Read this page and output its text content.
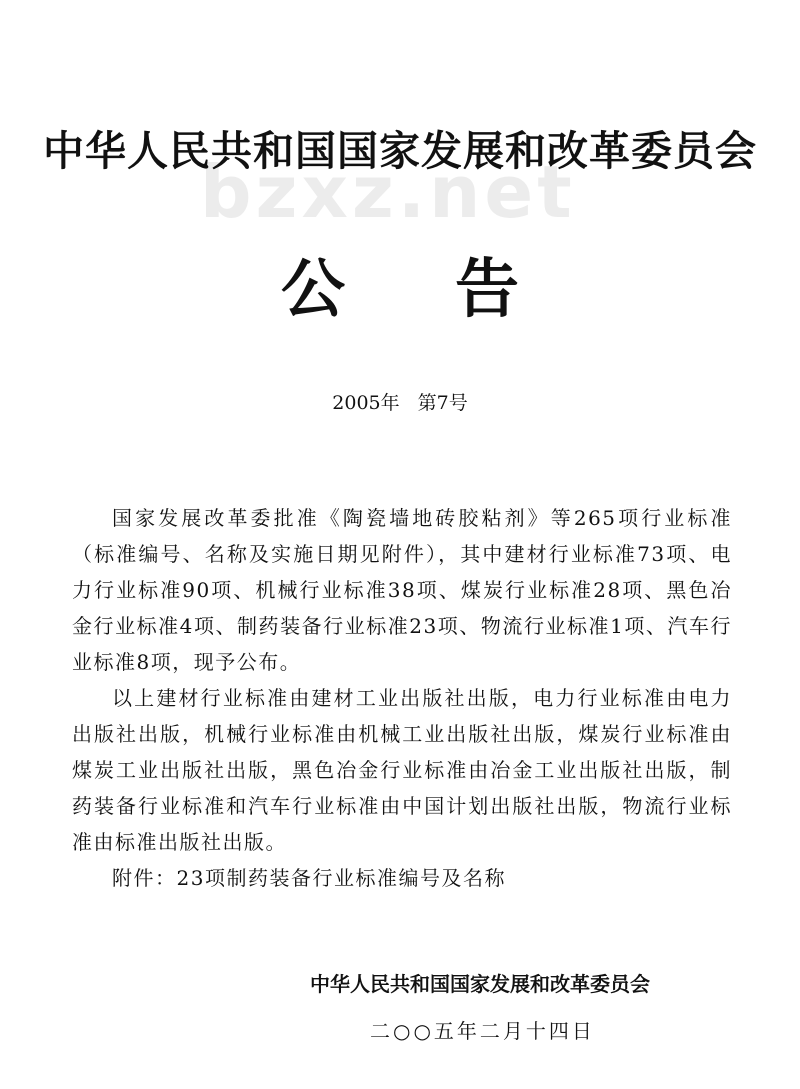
bzxz.net
中华人民共和国国家发展和改革委员会
公 告
2005年 第7号

国家发展改革委批准《陶瓷墙地砖胶粘剂》等265项行业标准（标准编号、名称及实施日期见附件），其中建材行业标准73项、电力行业标准90项、机械行业标准38项、煤炭行业标准28项、黑色冶金行业标准4项、制药装备行业标准23项、物流行业标准1项、汽车行业标准8项，现予公布。

以上建材行业标准由建材工业出版社出版，电力行业标准由电力出版社出版，机械行业标准由机械工业出版社出版，煤炭行业标准由煤炭工业出版社出版，黑色冶金行业标准由冶金工业出版社出版，制药装备行业标准和汽车行业标准由中国计划出版社出版，物流行业标准由标准出版社出版。

附件：23项制药装备行业标准编号及名称

中华人民共和国国家发展和改革委员会
二○○五年二月十四日
